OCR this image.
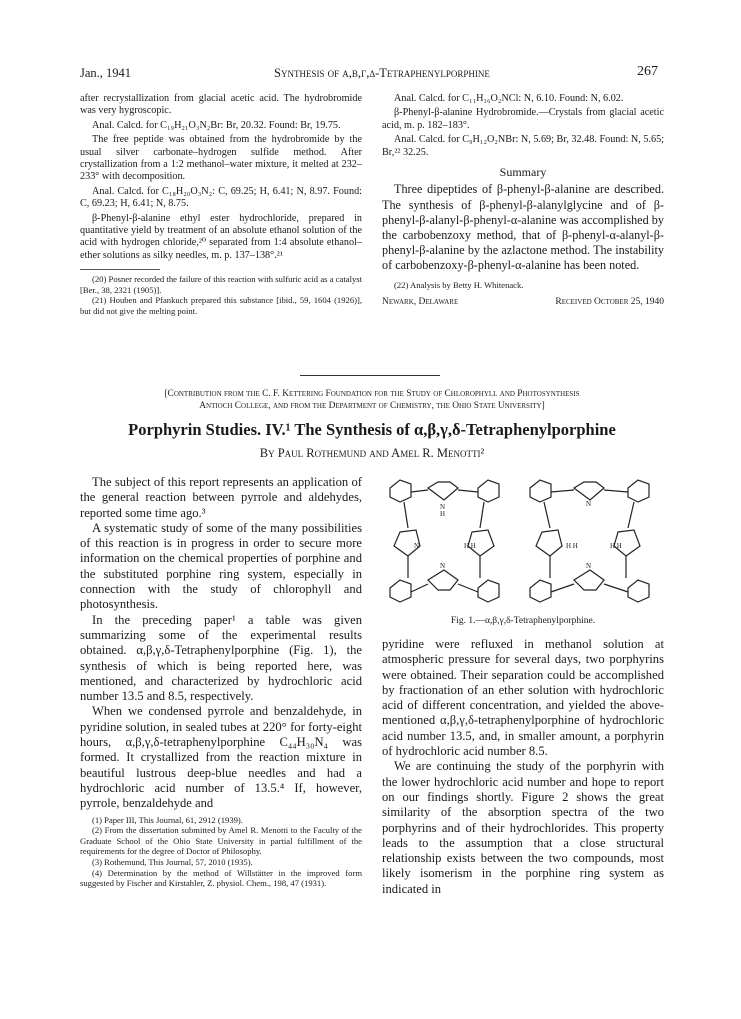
Jan., 1941	Synthesis of α,β,γ,δ-Tetraphenylporphine	267

after recrystallization from glacial acetic acid. The hydrobromide was very hygroscopic.

Anal. Calcd. for C₁₉H₂₁O₃N₂Br: Br, 20.32. Found: Br, 19.75.

The free peptide was obtained from the hydrobromide by the usual silver carbonate–hydrogen sulfide method. After crystallization from a 1:2 methanol–water mixture, it melted at 232–233° with decomposition.

Anal. Calcd. for C₁₈H₂₀O₃N₂: C, 69.25; H, 6.41; N, 8.97. Found: C, 69.23; H, 6.41; N, 8.75.

β-Phenyl-β-alanine ethyl ester hydrochloride, prepared in quantitative yield by treatment of an absolute ethanol solution of the acid with hydrogen chloride,²⁰ separated from 1:4 absolute ethanol–ether solutions as silky needles, m. p. 137–138°.²¹

(20) Posner recorded the failure of this reaction with sulfuric acid as a catalyst [Ber., 38, 2321 (1905)].

(21) Houben and Pfankuch prepared this substance [ibid., 59, 1604 (1926)], but did not give the melting point.

Anal. Calcd. for C₁₁H₁₆O₂NCl: N, 6.10. Found: N, 6.02.

β-Phenyl-β-alanine Hydrobromide.—Crystals from glacial acetic acid, m. p. 182–183°.

Anal. Calcd. for C₉H₁₂O₂NBr: N, 5.69; Br, 32.48. Found: N, 5.65; Br,²² 32.25.

Summary

Three dipeptides of β-phenyl-β-alanine are described. The synthesis of β-phenyl-β-alanylglycine and of β-phenyl-β-alanyl-β-phenyl-α-alanine was accomplished by the carbobenzoxy method, that of β-phenyl-α-alanyl-β-phenyl-β-alanine by the azlactone method. The instability of carbobenzoxy-β-phenyl-α-alanine has been noted.

(22) Analysis by Betty H. Whitenack.

Newark, Delaware	Received October 25, 1940
[Contribution from the C. F. Kettering Foundation for the Study of Chlorophyll and Photosynthesis
Antioch College, and from the Department of Chemistry, the Ohio State University]
Porphyrin Studies. IV.¹ The Synthesis of α,β,γ,δ-Tetraphenylporphine
By Paul Rothemund and Amel R. Menotti²

The subject of this report represents an application of the general reaction between pyrrole and aldehydes, reported some time ago.³

A systematic study of some of the many possibilities of this reaction is in progress in order to secure more information on the chemical properties of porphine and the substituted porphine ring system, especially in connection with the study of chlorophyll and photosynthesis.

In the preceding paper¹ a table was given summarizing some of the experimental results obtained. α,β,γ,δ-Tetraphenylporphine (Fig. 1), the synthesis of which is being reported here, was mentioned, and characterized by hydrochloric acid number 13.5 and 8.5, respectively.

When we condensed pyrrole and benzaldehyde, in pyridine solution, in sealed tubes at 220° for forty-eight hours, α,β,γ,δ-tetraphenylporphine C₄₄H₃₀N₄ was formed. It crystallized from the reaction mixture in beautiful lustrous deep-blue needles and had a hydrochloric acid number of 13.5.⁴ If, however, pyrrole, benzaldehyde and

(1) Paper III, This Journal, 61, 2912 (1939).

(2) From the dissertation submitted by Amel R. Menotti to the Faculty of the Graduate School of the Ohio State University in partial fulfillment of the requirements for the degree of Doctor of Philosophy.

(3) Rothemund, This Journal, 57, 2010 (1935).

(4) Determination by the method of Willstätter in the improved form suggested by Fischer and Kirstahler, Z. physiol. Chem., 198, 47 (1931).

N
H
N
N	H H
N
N
H H	H H
Fig. 1.—α,β,γ,δ-Tetraphenylporphine.

pyridine were refluxed in methanol solution at atmospheric pressure for several days, two porphyrins were obtained. Their separation could be accomplished by fractionation of an ether solution with hydrochloric acid of different concentration, and yielded the above-mentioned α,β,γ,δ-tetraphenylporphine of hydrochloric acid number 13.5, and, in smaller amount, a porphyrin of hydrochloric acid number 8.5.

We are continuing the study of the porphyrin with the lower hydrochloric acid number and hope to report on our findings shortly. Figure 2 shows the great similarity of the absorption spectra of the two porphyrins and of their hydrochlorides. This property leads to the assumption that a close structural relationship exists between the two compounds, most likely isomerism in the porphine ring system as indicated in
